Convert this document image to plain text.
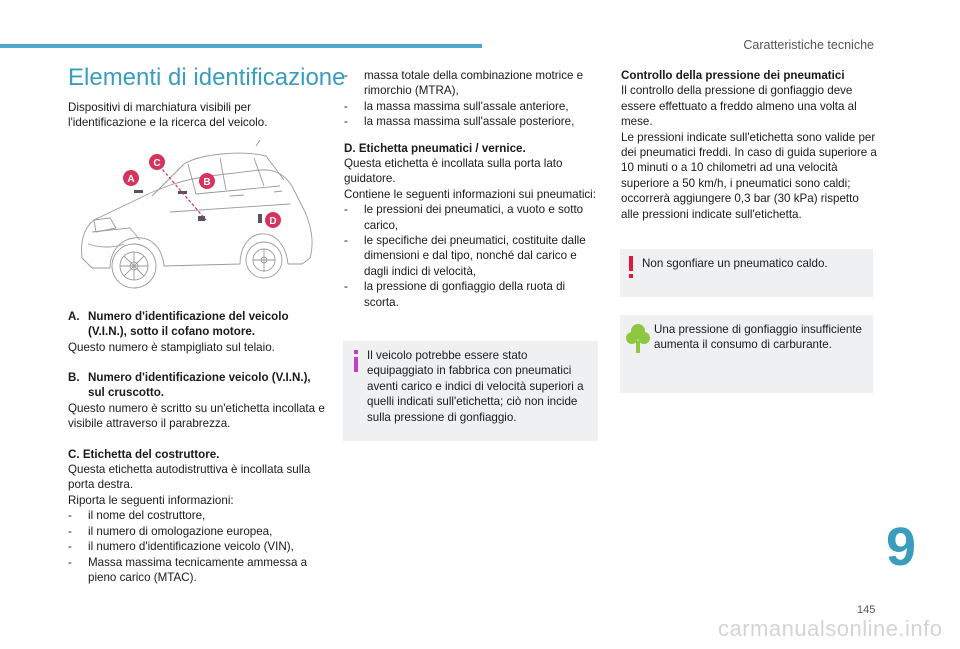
Caratteristiche tecniche
Elementi di identificazione

Dispositivi di marchiatura visibili per l'identificazione e la ricerca del veicolo.

A. Numero d'identificazione del veicolo (V.I.N.), sotto il cofano motore.

Questo numero è stampigliato sul telaio.

B. Numero d'identificazione veicolo (V.I.N.), sul cruscotto.

Questo numero è scritto su un'etichetta incollata e visibile attraverso il parabrezza.

C. Etichetta del costruttore.

Questa etichetta autodistruttiva è incollata sulla porta destra.

Riporta le seguenti informazioni:

- il nome del costruttore,

- il numero di omologazione europea,

- il numero d'identificazione veicolo (VIN),

- Massa massima tecnicamente ammessa a pieno carico (MTAC).

A	B
C
D

- massa totale della combinazione motrice e rimorchio (MTRA),

- la massa massima sull'assale anteriore,

- la massa massima sull'assale posteriore,

D. Etichetta pneumatici / vernice.

Questa etichetta è incollata sulla porta lato guidatore.

Contiene le seguenti informazioni sui pneumatici:

- le pressioni dei pneumatici, a vuoto e sotto carico,

- le specifiche dei pneumatici, costituite dalle dimensioni e dal tipo, nonché dal carico e dagli indici di velocità,

- la pressione di gonfiaggio della ruota di scorta.

Il veicolo potrebbe essere stato equipaggiato in fabbrica con pneumatici aventi carico e indici di velocità superiori a quelli indicati sull'etichetta; ciò non incide sulla pressione di gonfiaggio.

Controllo della pressione dei pneumatici

Il controllo della pressione di gonfiaggio deve essere effettuato a freddo almeno una volta al mese.

Le pressioni indicate sull'etichetta sono valide per dei pneumatici freddi. In caso di guida superiore a 10 minuti o a 10 chilometri ad una velocità superiore a 50 km/h, i pneumatici sono caldi; occorrerà aggiungere 0,3 bar (30 kPa) rispetto alle pressioni indicate sull'etichetta.

Non sgonfiare un pneumatico caldo.
Una pressione di gonfiaggio insufficiente aumenta il consumo di carburante.
9
145
carmanualsonline.info
